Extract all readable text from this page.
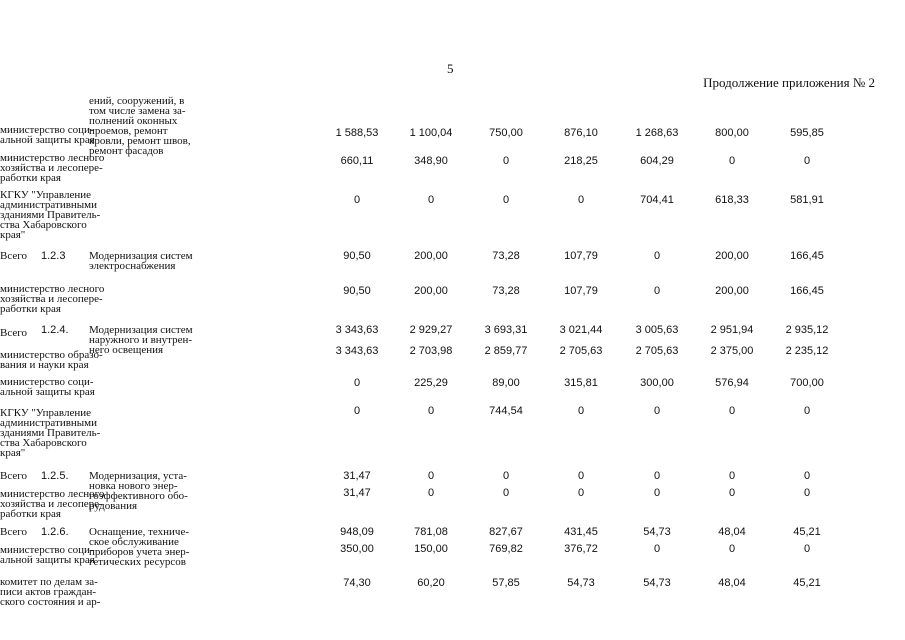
5
Продолжение приложения № 2
ений, сооружений, в
том числе замена за-
полнений оконных
проемов, ремонт
кровли, ремонт швов,
ремонт фасадов
министерство соци-
альной защиты края
1 588,53	1 100,04	750,00	876,10	1 268,63	800,00	595,85
министерство лесного
хозяйства и лесопере-
работки края
660,11	348,90	0	218,25	604,29	0	0
КГКУ "Управление
административными
зданиями Правитель-
ства Хабаровского
края"
0	0	0	0	704,41	618,33	581,91
1.2.3 Модернизация систем
электроснабжения
Всего	90,50	200,00	73,28	107,79	0	200,00	166,45
министерство лесного
хозяйства и лесопере-
работки края
90,50	200,00	73,28	107,79	0	200,00	166,45
1.2.4. Модернизация систем
наружного и внутрен-
него освещения
Всего	3 343,63	2 929,27	3 693,31	3 021,44	3 005,63	2 951,94	2 935,12
министерство образо-
вания и науки края
3 343,63	2 703,98	2 859,77	2 705,63	2 705,63	2 375,00	2 235,12
министерство соци-
альной защиты края
0	225,29	89,00	315,81	300,00	576,94	700,00
КГКУ "Управление
административными
зданиями Правитель-
ства Хабаровского
края"
0	0	744,54	0	0	0	0
1.2.5. Модернизация, уста-
новка нового энер-
гоэффективного обо-
рудования
Всего	31,47	0	0	0	0	0	0
министерство лесного
хозяйства и лесопере-
работки края
31,47	0	0	0	0	0	0
1.2.6. Оснащение, техниче-
ское обслуживание
приборов учета энер-
гетических ресурсов
Всего	948,09	781,08	827,67	431,45	54,73	48,04	45,21
министерство соци-
альной защиты края
350,00	150,00	769,82	376,72	0	0	0
комитет по делам за-
писи актов граждан-
ского состояния и ар-
74,30	60,20	57,85	54,73	54,73	48,04	45,21
